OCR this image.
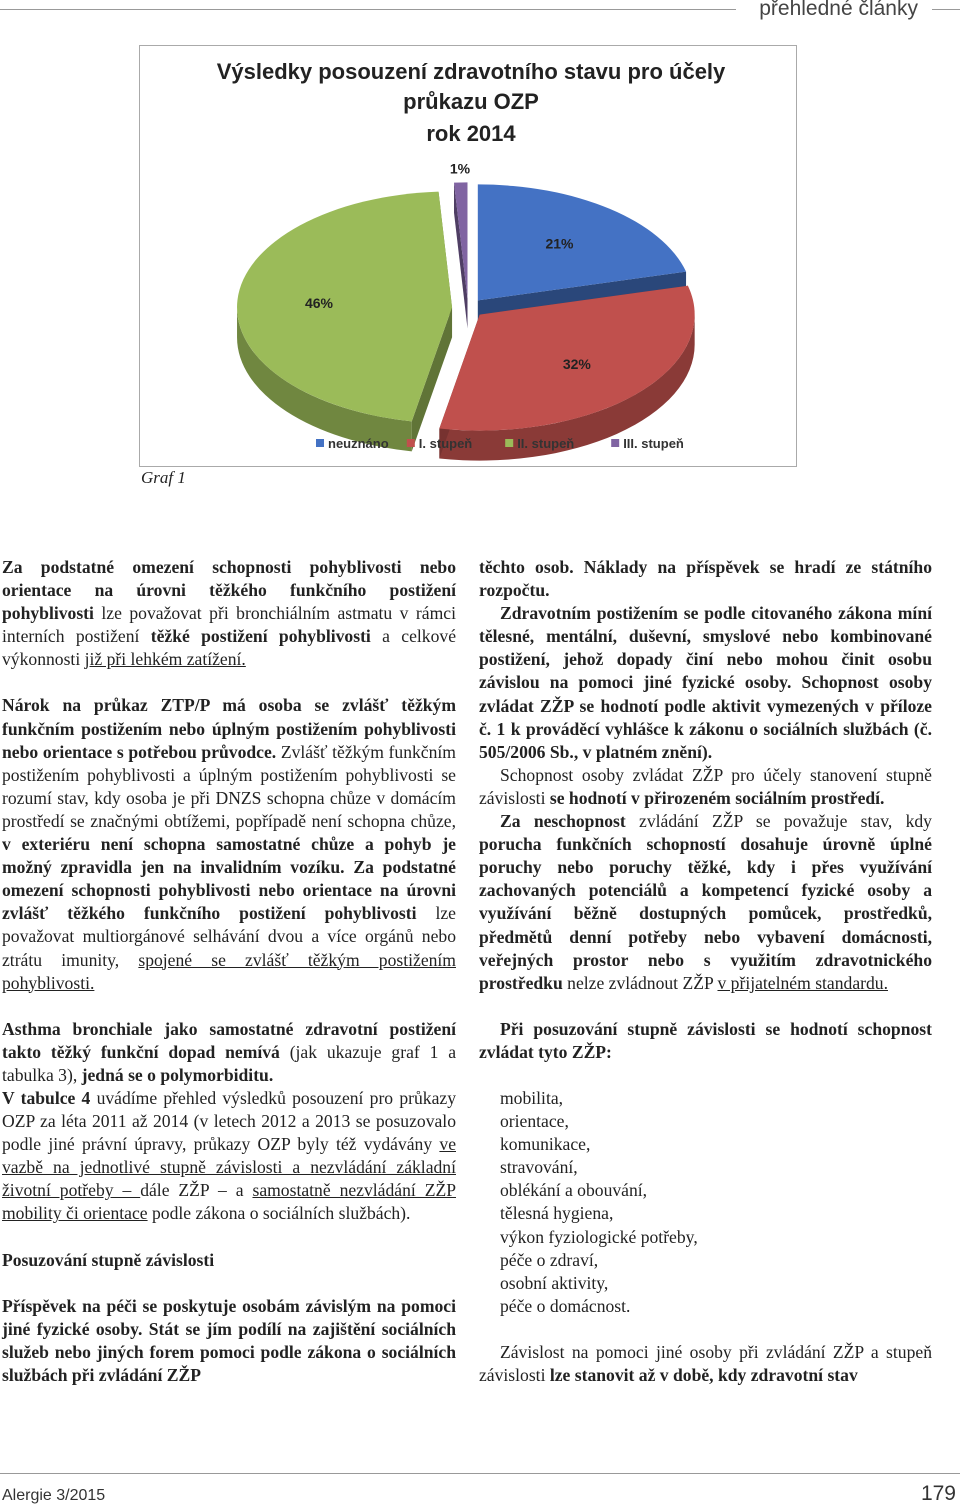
přehledné články
Výsledky posouzení zdravotního stavu pro účely
průkazu OZP
rok 2014
21%
32%
46%
1%
neuznáno I. stupeň	II. stupeň	III. stupeň
Graf 1

Za podstatné omezení schopnosti pohyblivosti nebo orientace na úrovni těžkého funkčního postižení pohyblivosti lze považovat při bronchiálním astmatu v rámci interních postižení těžké postižení pohyblivosti a celkové výkonnosti již při lehkém zatížení.

Nárok na průkaz ZTP/P má osoba se zvlášť těžkým funkčním postižením nebo úplným postižením pohyblivosti nebo orientace s potřebou průvodce. Zvlášť těžkým funkčním postižením pohyblivosti a úplným postižením pohyblivosti se rozumí stav, kdy osoba je při DNZS schopna chůze v domácím prostředí se značnými obtížemi, popřípadě není schopna chůze, v exteriéru není schopna samostatné chůze a pohyb je možný zpravidla jen na invalidním vozíku. Za podstatné omezení schopnosti pohyblivosti nebo orientace na úrovni zvlášť těžkého funkčního postižení pohyblivosti lze považovat multiorgánové selhávání dvou a více orgánů nebo ztrátu imunity, spojené se zvlášť těžkým postižením pohyblivosti.

Asthma bronchiale jako samostatné zdravotní postižení takto těžký funkční dopad nemívá (jak ukazuje graf 1 a tabulka 3), jedná se o polymorbiditu.

V tabulce 4 uvádíme přehled výsledků posouzení pro průkazy OZP za léta 2011 až 2014 (v letech 2012 a 2013 se posuzovalo podle jiné právní úpravy, průkazy OZP byly též vydávány ve vazbě na jednotlivé stupně závislosti a nezvládání základní životní potřeby – dále ZŽP – a samostatně nezvládání ZŽP mobility či orientace podle zákona o sociálních službách).

Posuzování stupně závislosti

Příspěvek na péči se poskytuje osobám závislým na pomoci jiné fyzické osoby. Stát se jím podílí na zajištění sociálních služeb nebo jiných forem pomoci podle zákona o sociálních službách při zvládání ZŽP

těchto osob. Náklady na příspěvek se hradí ze státního rozpočtu.

Zdravotním postižením se podle citovaného zákona míní tělesné, mentální, duševní, smyslové nebo kombinované postižení, jehož dopady činí nebo mohou činit osobu závislou na pomoci jiné fyzické osoby. Schopnost osoby zvládat ZŽP se hodnotí podle aktivit vymezených v příloze č. 1 k prováděcí vyhlášce k zákonu o sociálních službách (č. 505/2006 Sb., v platném znění).

Schopnost osoby zvládat ZŽP pro účely stanovení stupně závislosti se hodnotí v přirozeném sociálním prostředí.

Za neschopnost zvládání ZŽP se považuje stav, kdy porucha funkčních schopností dosahuje úrovně úplné poruchy nebo poruchy těžké, kdy i přes využívání zachovaných potenciálů a kompetencí fyzické osoby a využívání běžně dostupných pomůcek, prostředků, předmětů denní potřeby nebo vybavení domácnosti, veřejných prostor nebo s využitím zdravotnického prostředku nelze zvládnout ZŽP v přijatelném standardu.

Při posuzování stupně závislosti se hodnotí schopnost zvládat tyto ZŽP:

mobilita,
orientace,
komunikace,
stravování,
oblékání a obouvání,
tělesná hygiena,
výkon fyziologické potřeby,
péče o zdraví,
osobní aktivity,
péče o domácnost.

Závislost na pomoci jiné osoby při zvládání ZŽP a stupeň závislosti lze stanovit až v době, kdy zdravotní stav

Alergie 3/2015	179
